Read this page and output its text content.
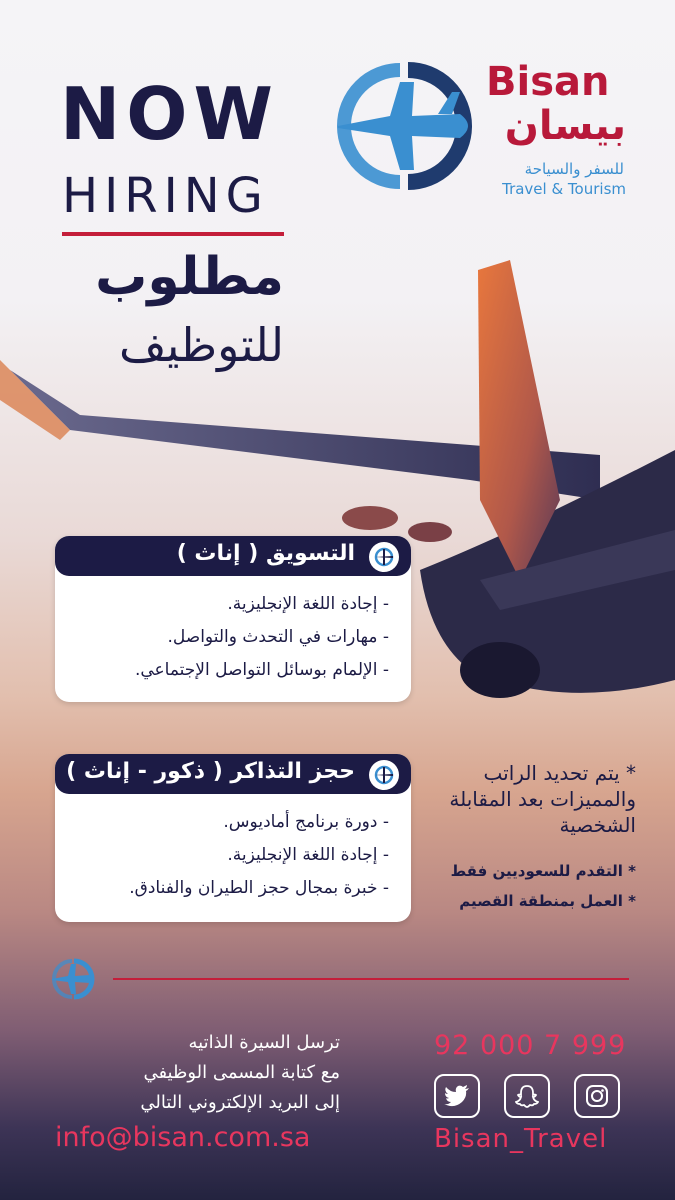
NOW
HIRING
مطلوب
للتوظيف
Bisan
بيسان
للسفر والسياحة
Travel & Tourism
التسويق ( إناث )
- إجادة اللغة الإنجليزية.
- مهارات في التحدث والتواصل.
- الإلمام بوسائل التواصل الإجتماعي.
حجز التذاكر ( ذكور - إناث )
- دورة برنامج أماديوس.
- إجادة اللغة الإنجليزية.
- خبرة بمجال حجز الطيران والفنادق.
* يتم تحديد الراتب والمميزات بعد المقابلة الشخصية
* التقدم للسعوديين فقط
* العمل بمنطقة القصيم
ترسل السيرة الذاتيه
مع كتابة المسمى الوظيفي
إلى البريد الإلكتروني التالي
info@bisan.com.sa
92 000 7 999
Bisan_Travel
